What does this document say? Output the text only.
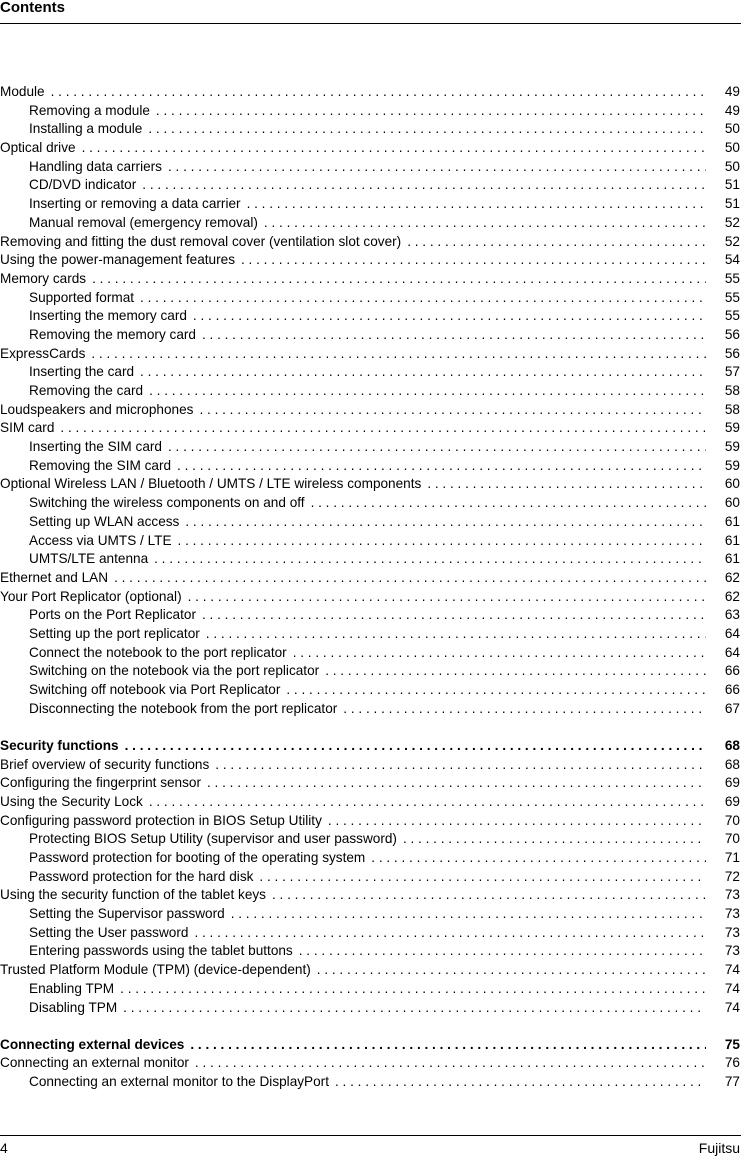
Contents
Module . . .	49
Removing a module . . .	49
Installing a module . . .	50
Optical drive . . .	50
Handling data carriers . . .	50
CD/DVD indicator . . .	51
Inserting or removing a data carrier . . .	51
Manual removal (emergency removal) . . .	52
Removing and fitting the dust removal cover (ventilation slot cover) . . .	52
Using the power-management features . . .	54
Memory cards . . .	55
Supported format . . .	55
Inserting the memory card . . .	55
Removing the memory card . . .	56
ExpressCards . . .	56
Inserting the card . . .	57
Removing the card . . .	58
Loudspeakers and microphones . . .	58
SIM card . . .	59
Inserting the SIM card . . .	59
Removing the SIM card . . .	59
Optional Wireless LAN / Bluetooth / UMTS / LTE wireless components . . .	60
Switching the wireless components on and off . . .	60
Setting up WLAN access . . .	61
Access via UMTS / LTE . . .	61
UMTS/LTE antenna . . .	61
Ethernet and LAN . . .	62
Your Port Replicator (optional) . . .	62
Ports on the Port Replicator . . .	63
Setting up the port replicator . . .	64
Connect the notebook to the port replicator . . .	64
Switching on the notebook via the port replicator . . .	66
Switching off notebook via Port Replicator . . .	66
Disconnecting the notebook from the port replicator . . .	67
Security functions . . .	68
Brief overview of security functions . . .	68
Configuring the fingerprint sensor . . .	69
Using the Security Lock . . .	69
Configuring password protection in BIOS Setup Utility . . .	70
Protecting BIOS Setup Utility (supervisor and user password) . . .	70
Password protection for booting of the operating system . . .	71
Password protection for the hard disk . . .	72
Using the security function of the tablet keys . . .	73
Setting the Supervisor password . . .	73
Setting the User password . . .	73
Entering passwords using the tablet buttons . . .	73
Trusted Platform Module (TPM) (device-dependent) . . .	74
Enabling TPM . . .	74
Disabling TPM . . .	74
Connecting external devices . . .	75
Connecting an external monitor . . .	76
Connecting an external monitor to the DisplayPort . . .	77
4	Fujitsu
